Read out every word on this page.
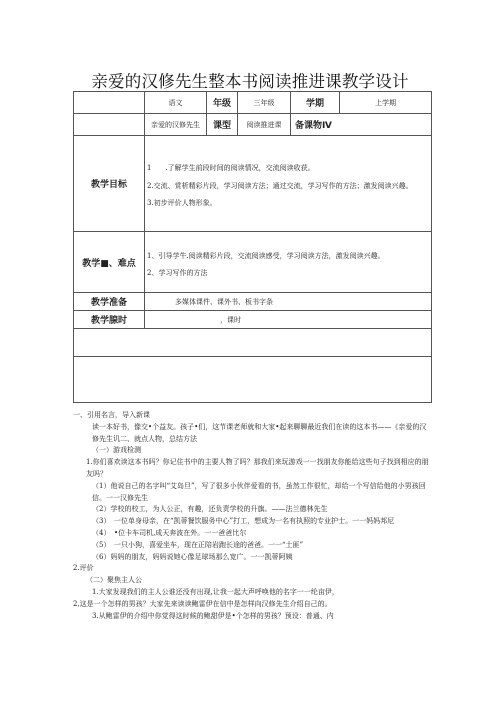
亲爱的汉修先生整本书阅读推进课教学设计
	语文	年级	三年级	学期	上学期
	亲爱的汉修先生	课型	阅读推进课	备课物Ⅳ	
教学目标	1　　.了解学生前段时间的阅读情况，交流阅读收获。

2.交流、赏析精彩片段，学习阅读方法；通过交流，学习写作的方法；激发阅读兴趣。

3.初步评价人物形象。				

教学■、难点	1、引导学牛.阅读精彩片段，交流阅读感受，学习阅读方法，激发阅读兴趣。

2、学习写作的方法				

教学准备	多媒体课件、课外书、板书字条				
教学腺时	，课时				

一、引用名言，导入新课

读一本好书，像交•个益友。孩子•们，这节课老师就和大家•起来聊聊最近我们在读的这本书——《亲爱的汉修先生讥二、就点人物，总结方法

（一）游戏检测

1.你们喜欢读这本书吗？你记住书中的主要人物了吗？那我们来玩游戏一一找朋友你能给这些句子找到相应的朋友吗？

（1）他说自己的名字叫“艾岛旦”，写了很多小伙伴爱看的书，虽然工作很忙，却给一个写信给他的小男孩回信。一一汉修先生

（2）学校的校工，为人公正，有趣，还负责学校的升旗。——法兰德林先生

（3）　一位单身母亲，在“凯蒂餐饮服务中心”打工，想成为一名有执照的专业护士。一一妈妈邦尼

（4）　•位卡车司机,成天奔波在外。一一爸爸比尔

（5）　一只小狗，喜爱坐车，现在正陪岩跑长途的爸爸。一一“土匪”

（6）妈妈的朋友，妈妈说她心像足球场那么宽广。一一凯蒂阿姨

2.评价

（二）聚焦主人公

1.大家发现我们的主人公谁还没有出现,让我一起大声呼唤他的名字一一纶亩伊，

2,这是一个怎样的男孩？大家先来读读鲍雷伊在信中是怎样向汉修先生介绍自己的。

3.从鲍雷伊的介绍中你觉得这时候的鲍甜伊是•个怎样的男孩？预设：普通、内
